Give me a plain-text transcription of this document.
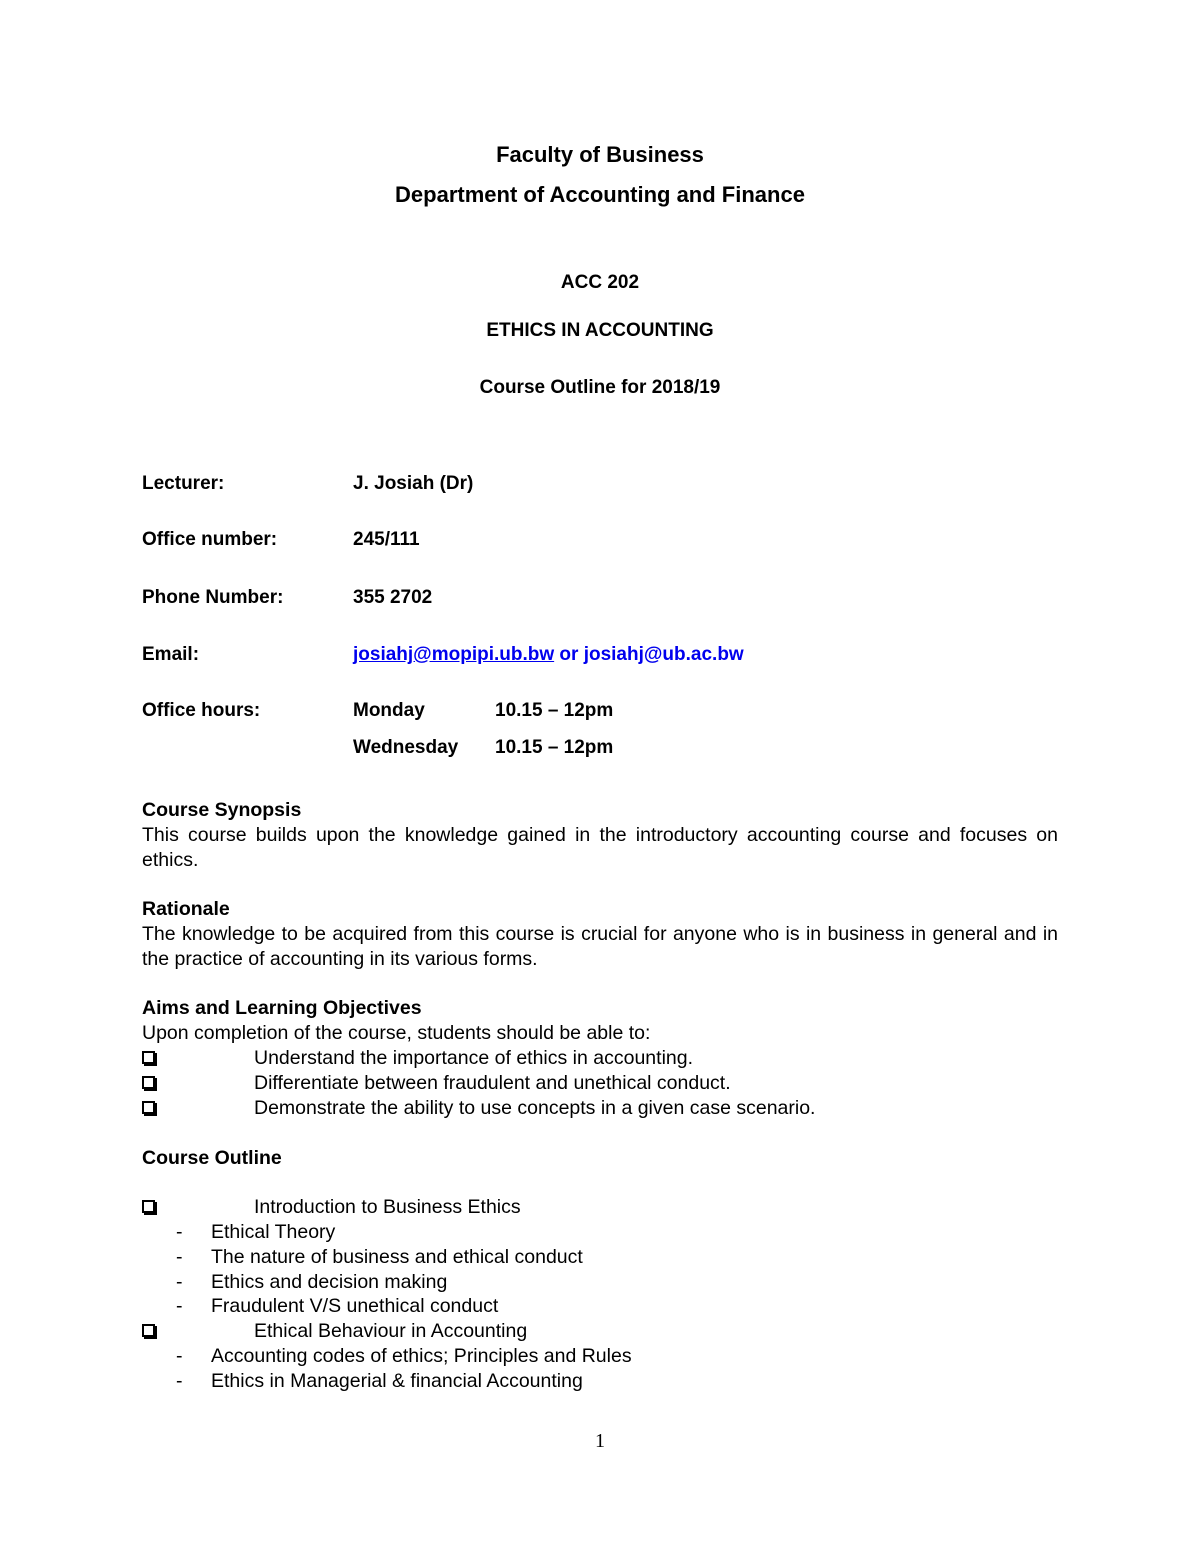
Faculty of Business
Department of Accounting and Finance
ACC 202
ETHICS IN ACCOUNTING
Course Outline for 2018/19
Lecturer:	J. Josiah (Dr)
Office number:	245/111
Phone Number:	355 2702
Email:	josiahj@mopipi.ub.bw or josiahj@ub.ac.bw
Office hours:	Monday	10.15 – 12pm
Wednesday 10.15 – 12pm
Course Synopsis
This course builds upon the knowledge gained in the introductory accounting course and focuses on ethics.
Rationale
The knowledge to be acquired from this course is crucial for anyone who is in business in general and in the practice of accounting in its various forms.
Aims and Learning Objectives
Upon completion of the course, students should be able to:
Understand the importance of ethics in accounting.
Differentiate between fraudulent and unethical conduct.
Demonstrate the ability to use concepts in a given case scenario.
Course Outline
Introduction to Business Ethics
- Ethical Theory
- The nature of business and ethical conduct
- Ethics and decision making
- Fraudulent V/S unethical conduct
Ethical Behaviour in Accounting
- Accounting codes of ethics; Principles and Rules
- Ethics in Managerial & financial Accounting
1
